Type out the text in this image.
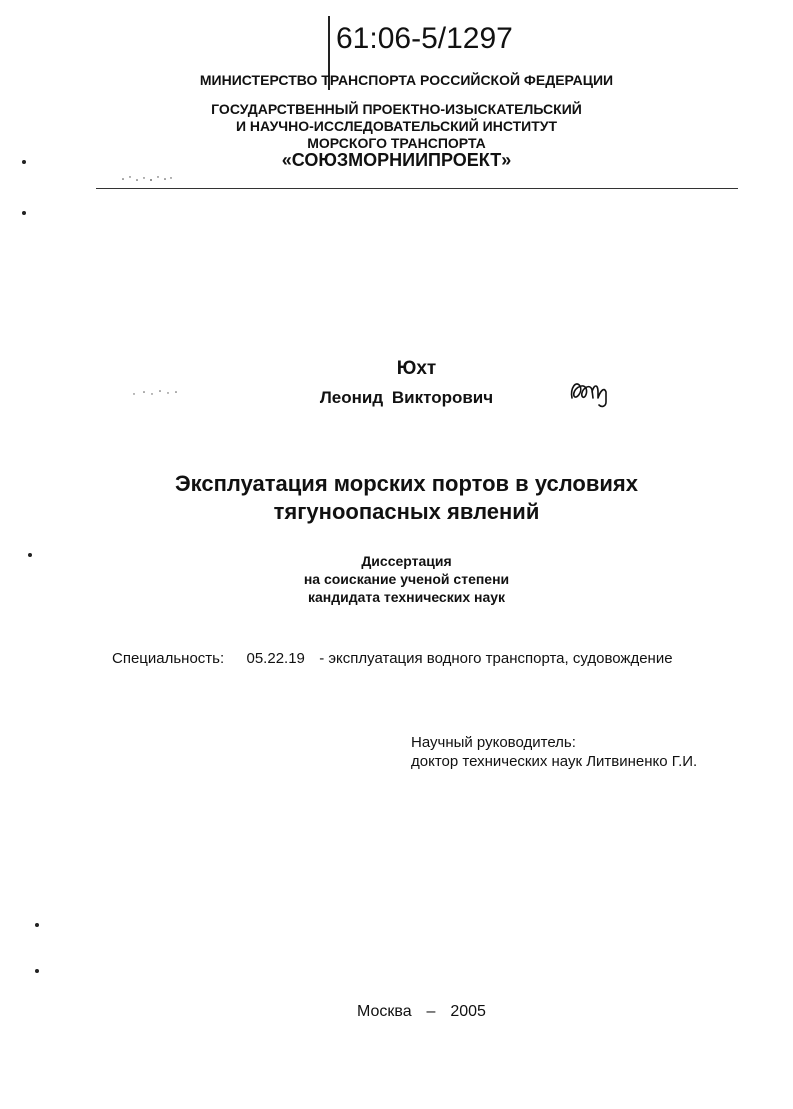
61:06-5/1297
МИНИСТЕРСТВО ТРАНСПОРТА РОССИЙСКОЙ ФЕДЕРАЦИИ
ГОСУДАРСТВЕННЫЙ ПРОЕКТНО-ИЗЫСКАТЕЛЬСКИЙ
И НАУЧНО-ИССЛЕДОВАТЕЛЬСКИЙ ИНСТИТУТ
МОРСКОГО ТРАНСПОРТА
«СОЮЗМОРНИИПРОЕКТ»
Юхт
Леонид Викторович
Эксплуатация морских портов в условиях
тягуноопасных явлений
Диссертация
на соискание ученой степени
кандидата технических наук
Специальность: 05.22.19 - эксплуатация водного транспорта, судовождение
Научный руководитель:
доктор технических наук Литвиненко Г.И.
Москва – 2005
